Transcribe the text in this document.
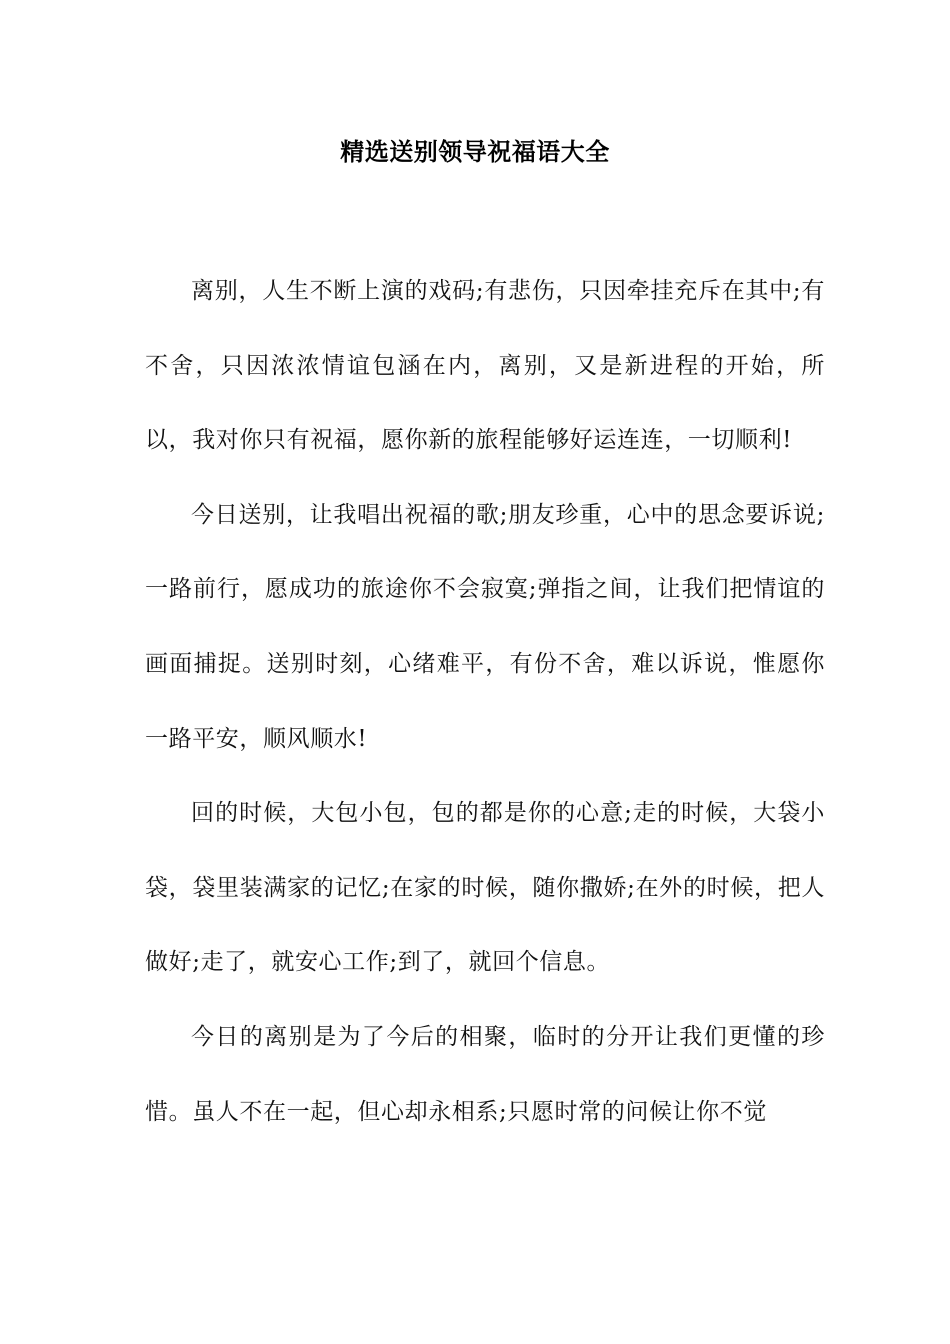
精选送别领导祝福语大全

离别，人生不断上演的戏码;有悲伤，只因牵挂充斥在其中;有不舍，只因浓浓情谊包涵在内，离别，又是新进程的开始，所以，我对你只有祝福，愿你新的旅程能够好运连连，一切顺利!

今日送别，让我唱出祝福的歌;朋友珍重，心中的思念要诉说;一路前行，愿成功的旅途你不会寂寞;弹指之间，让我们把情谊的画面捕捉。送别时刻，心绪难平，有份不舍，难以诉说，惟愿你一路平安，顺风顺水!

回的时候，大包小包，包的都是你的心意;走的时候，大袋小袋，袋里装满家的记忆;在家的时候，随你撒娇;在外的时候，把人做好;走了，就安心工作;到了，就回个信息。

今日的离别是为了今后的相聚，临时的分开让我们更懂的珍惜。虽人不在一起，但心却永相系;只愿时常的问候让你不觉
